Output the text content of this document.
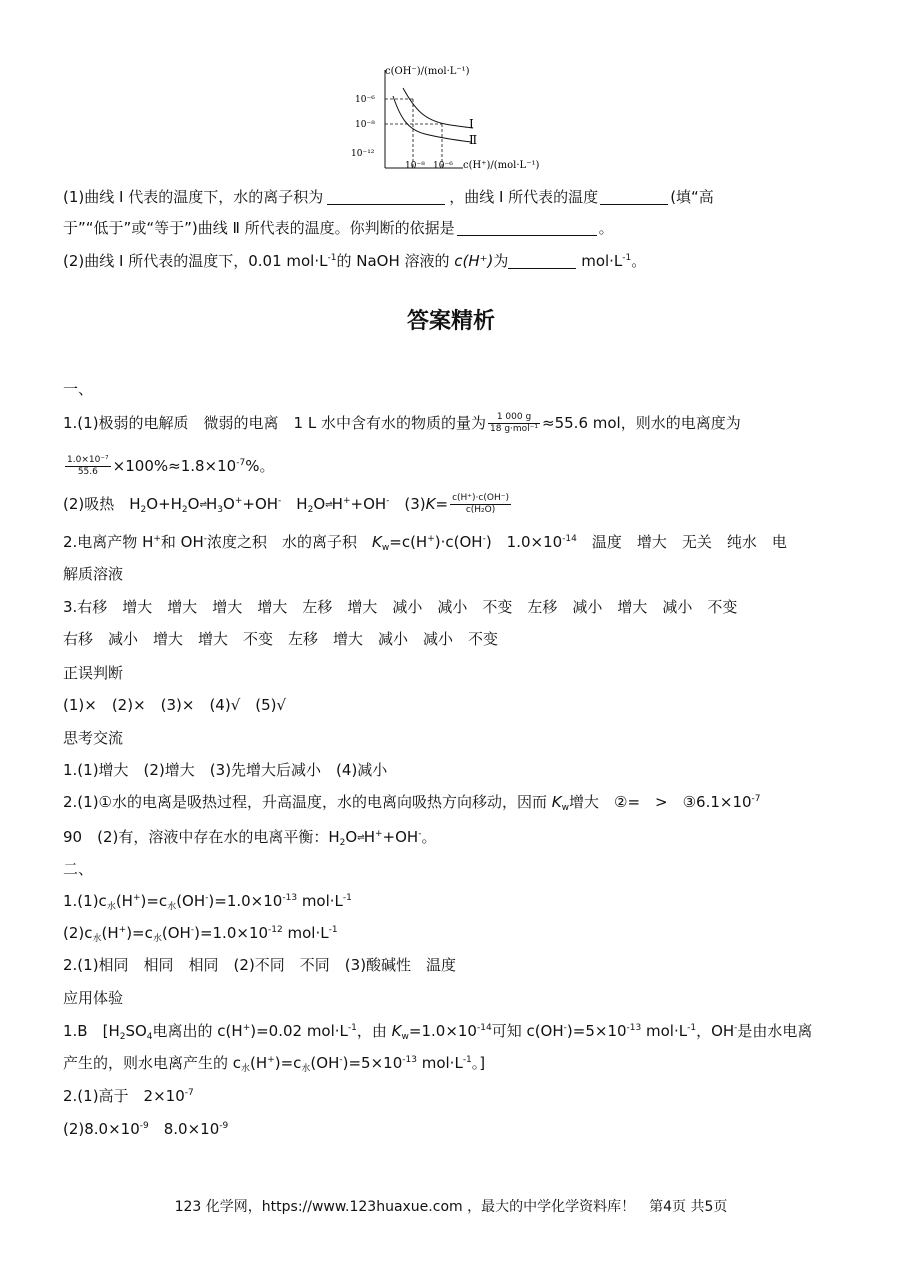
c(OH⁻)/(mol·L⁻¹)
10⁻⁶
10⁻⁸
10⁻¹²
10⁻⁸ 10⁻⁶ c(H⁺)/(mol·L⁻¹)
Ⅰ
Ⅱ
(1)曲线 Ⅰ 代表的温度下，水的离子积为	，曲线 Ⅰ 所代表的温度	(填“高
于”“低于”或“等于”)曲线 Ⅱ 所代表的温度。你判断的依据是	。
(2)曲线 Ⅰ 所代表的温度下，0.01 $mol\cdot L^{-1}$的 NaOH 溶液的 c(H⁺)为	$mol\cdot L^{-1}$。
答案精析
一、
1.(1)极弱的电解质　微弱的电离　1 L 水中含有水的物质的量为 $\frac{1 000 g}{\text{18 g·mol⁻¹}} \approx 55.6$ mol，则水的电离度为
$\frac{\text{1.0×10⁻⁷}}{55.6} \times 100\%\approx 1.8\times 10^{-7}\%$。
(2)吸热　$H_2O+H_2O\rightleftharpoons H_3O^++OH^-$　$H_2O\rightleftharpoons H^++OH^-$　$(3)K= \frac{c(H^+)\cdot c(OH^-)}{\text{c(H₂O)}}$
2.电离产物 H+和 OH-浓度之积　水的离子积　$K_w=c(H^+)\cdot c(OH^-)$　$1.0\times 10^{-14}$　温度　增大　无关　纯水　电
解质溶液
3.右移　增大　增大　增大　增大　左移　增大　减小　减小　不变　左移　减小　增大　减小　不变
右移　减小　增大　增大　不变　左移　增大　减小　减小　不变
正误判断
(1)×　(2)×　(3)×　(4)√　(5)√
思考交流
1.(1)增大　(2)增大　(3)先增大后减小　(4)减小
2.(1)①水的电离是吸热过程，升高温度，水的电离向吸热方向移动，因而 $K_w$增大　②=　>　$③6.1\times 10^{-7}$
90　(2)有，溶液中存在水的电离平衡：$H_2O\rightleftharpoons H^++OH^-$。
二、
$1.(1)c_水(H^+)=c_水(OH^-)=1.0\times 10^{-13}$ $mol\cdot L^{-1}$
$(2)c_水(H^+)=c_水(OH^-)=1.0\times 10^{-12}$ $mol\cdot L^{-1}$
2.(1)相同　相同　相同　(2)不同　不同　(3)酸碱性　温度
应用体验
1.B　[$H_2SO_4$电离出的 c(H+)=0.02 $mol\cdot L^{-1}$，由 $K_w=1.0\times 10^{-14}$可知 $c(OH^-)=5\times 10^{-13}$ $mol\cdot L^{-1}$，OH-是由水电离
产生的，则水电离产生的 $c_水(H^+)=c_水(OH^-)=5\times 10^{-13}$ $mol\cdot L^{-1}$。]
2.(1)高于　$2\times 10^{-7}$
$(2)8.0\times 10^{-9}$　$8.0\times 10^{-9}$
123 化学网，https://www.123huaxue.com ，最大的中学化学资料库！　第4页 共5页
